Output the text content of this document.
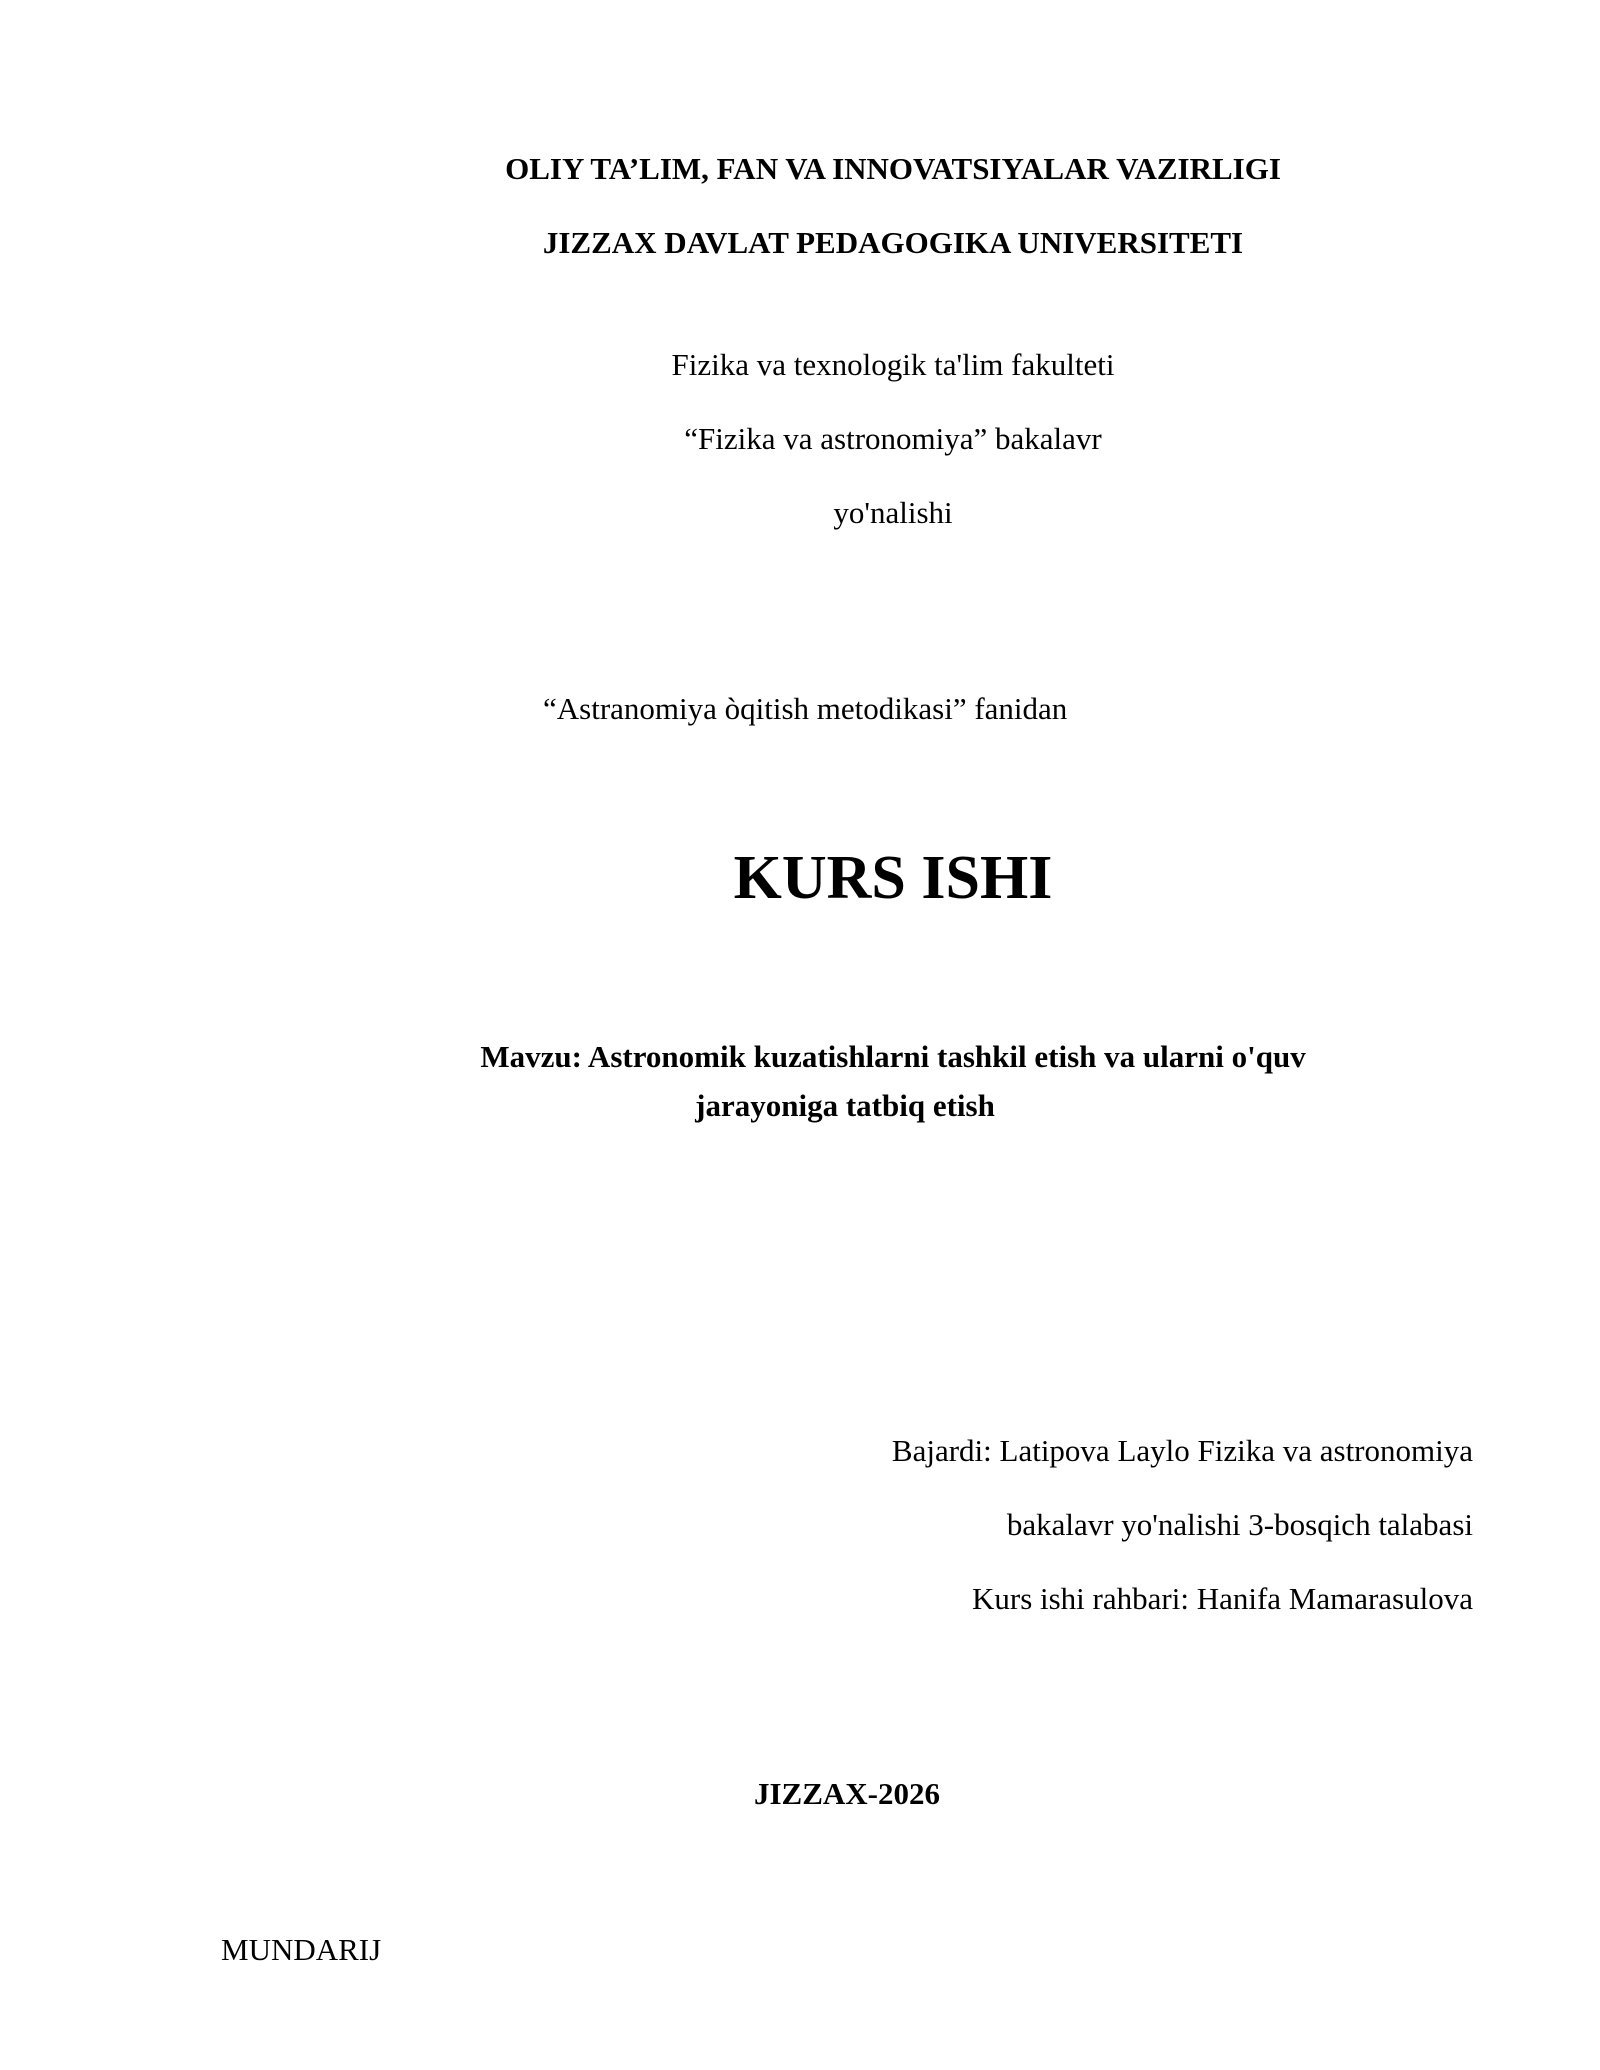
OLIY TA’LIM, FAN VA INNOVATSIYALAR VAZIRLIGI
JIZZAX DAVLAT PEDAGOGIKA UNIVERSITETI
Fizika va texnologik ta'lim fakulteti
“Fizika va astronomiya” bakalavr
yo'nalishi
“Astranomiya òqitish metodikasi” fanidan
KURS ISHI
Mavzu: Astronomik kuzatishlarni tashkil etish va ularni o'quv
jarayoniga tatbiq etish
Bajardi: Latipova Laylo Fizika va astronomiya
bakalavr yo'nalishi 3-bosqich talabasi
Kurs ishi rahbari: Hanifa Mamarasulova
JIZZAX-2026
MUNDARIJ
